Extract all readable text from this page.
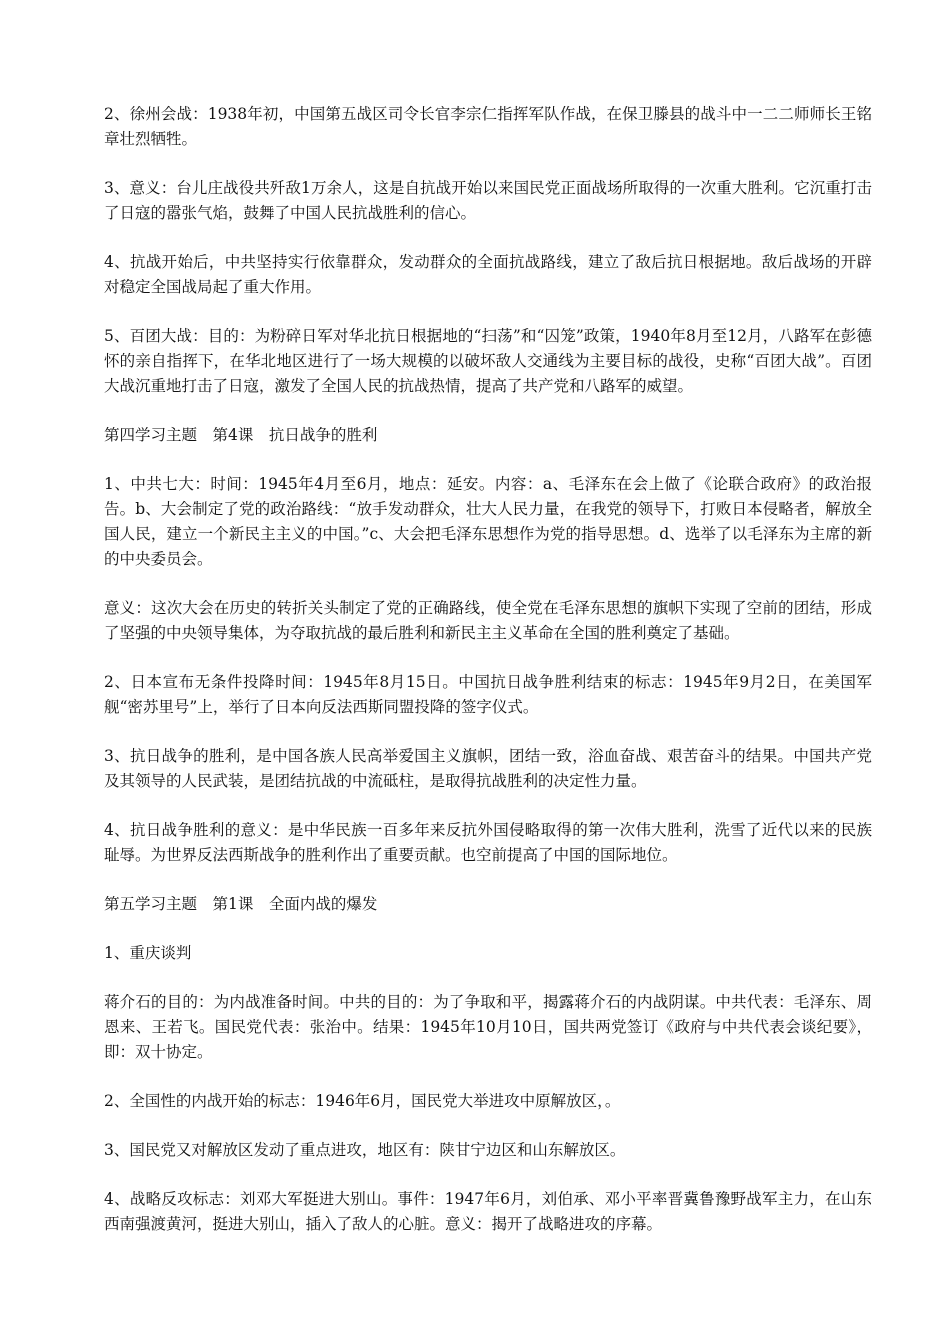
2、徐州会战：1938年初，中国第五战区司令长官李宗仁指挥军队作战，在保卫滕县的战斗中一二二师师长王铭章壮烈牺牲。

3、意义：台儿庄战役共歼敌1万余人，这是自抗战开始以来国民党正面战场所取得的一次重大胜利。它沉重打击了日寇的嚣张气焰，鼓舞了中国人民抗战胜利的信心。

4、抗战开始后，中共坚持实行依靠群众，发动群众的全面抗战路线，建立了敌后抗日根据地。敌后战场的开辟对稳定全国战局起了重大作用。

5、百团大战：目的：为粉碎日军对华北抗日根据地的“扫荡”和“囚笼”政策，1940年8月至12月，八路军在彭德怀的亲自指挥下，在华北地区进行了一场大规模的以破坏敌人交通线为主要目标的战役，史称“百团大战”。百团大战沉重地打击了日寇，激发了全国人民的抗战热情，提高了共产党和八路军的威望。

第四学习主题　第4课　抗日战争的胜利

1、中共七大：时间：1945年4月至6月，地点：延安。内容：a、毛泽东在会上做了《论联合政府》的政治报告。b、大会制定了党的政治路线：“放手发动群众，壮大人民力量，在我党的领导下，打败日本侵略者，解放全国人民，建立一个新民主主义的中国。”c、大会把毛泽东思想作为党的指导思想。d、选举了以毛泽东为主席的新的中央委员会。

意义：这次大会在历史的转折关头制定了党的正确路线，使全党在毛泽东思想的旗帜下实现了空前的团结，形成了坚强的中央领导集体，为夺取抗战的最后胜利和新民主主义革命在全国的胜利奠定了基础。

2、日本宣布无条件投降时间：1945年8月15日。中国抗日战争胜利结束的标志：1945年9月2日，在美国军舰“密苏里号”上，举行了日本向反法西斯同盟投降的签字仪式。

3、抗日战争的胜利，是中国各族人民高举爱国主义旗帜，团结一致，浴血奋战、艰苦奋斗的结果。中国共产党及其领导的人民武装，是团结抗战的中流砥柱，是取得抗战胜利的决定性力量。

4、抗日战争胜利的意义：是中华民族一百多年来反抗外国侵略取得的第一次伟大胜利，洗雪了近代以来的民族耻辱。为世界反法西斯战争的胜利作出了重要贡献。也空前提高了中国的国际地位。

第五学习主题　第1课　全面内战的爆发

1、重庆谈判

蒋介石的目的：为内战准备时间。中共的目的：为了争取和平，揭露蒋介石的内战阴谋。中共代表：毛泽东、周恩来、王若飞。国民党代表：张治中。结果：1945年10月10日，国共两党签订《政府与中共代表会谈纪要》，即：双十协定。

2、全国性的内战开始的标志：1946年6月，国民党大举进攻中原解放区，。

3、国民党又对解放区发动了重点进攻，地区有：陕甘宁边区和山东解放区。

4、战略反攻标志：刘邓大军挺进大别山。事件：1947年6月，刘伯承、邓小平率晋冀鲁豫野战军主力，在山东西南强渡黄河，挺进大别山，插入了敌人的心脏。意义：揭开了战略进攻的序幕。
